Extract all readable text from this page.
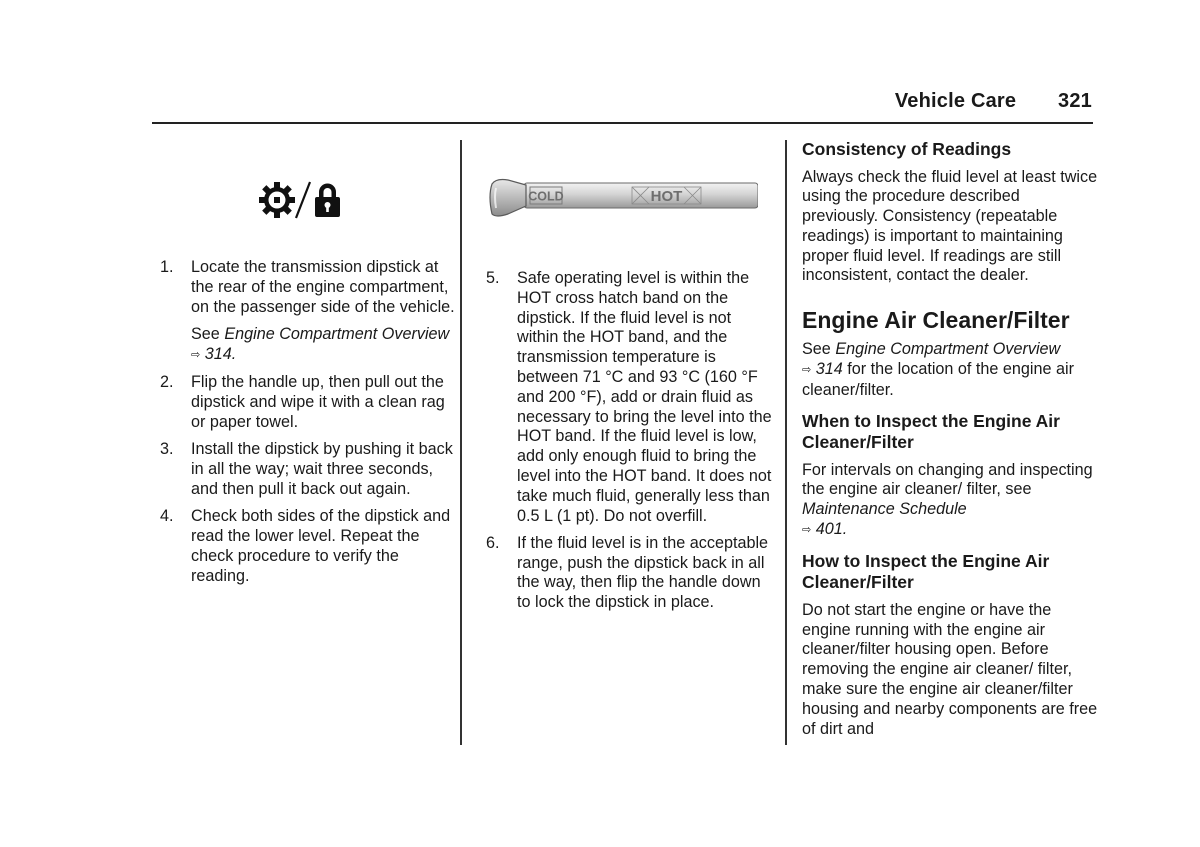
Vehicle Care 321
1. Locate the transmission dipstick at the rear of the engine compartment, on the passenger side of the vehicle.

See Engine Compartment Overview ⇨ 314.

2. Flip the handle up, then pull out the dipstick and wipe it with a clean rag or paper towel.

3. Install the dipstick by pushing it back in all the way; wait three seconds, and then pull it back out again.

4. Check both sides of the dipstick and read the lower level. Repeat the check procedure to verify the reading.

COLD	HOT
5. Safe operating level is within the HOT cross hatch band on the dipstick. If the fluid level is not within the HOT band, and the transmission temperature is between 71 °C and 93 °C (160 °F and 200 °F), add or drain fluid as necessary to bring the level into the HOT band. If the fluid level is low, add only enough fluid to bring the level into the HOT band. It does not take much fluid, generally less than 0.5 L (1 pt). Do not overfill.

6. If the fluid level is in the acceptable range, push the dipstick back in all the way, then flip the handle down to lock the dipstick in place.

Consistency of Readings

Always check the fluid level at least twice using the procedure described previously. Consistency (repeatable readings) is important to maintaining proper fluid level. If readings are still inconsistent, contact the dealer.

Engine Air Cleaner/Filter

See Engine Compartment Overview
⇨ 314 for the location of the engine air cleaner/filter.

When to Inspect the Engine Air Cleaner/Filter

For intervals on changing and inspecting the engine air cleaner/ filter, see Maintenance Schedule
⇨ 401.

How to Inspect the Engine Air Cleaner/Filter

Do not start the engine or have the engine running with the engine air cleaner/filter housing open. Before removing the engine air cleaner/ filter, make sure the engine air cleaner/filter housing and nearby components are free of dirt and
